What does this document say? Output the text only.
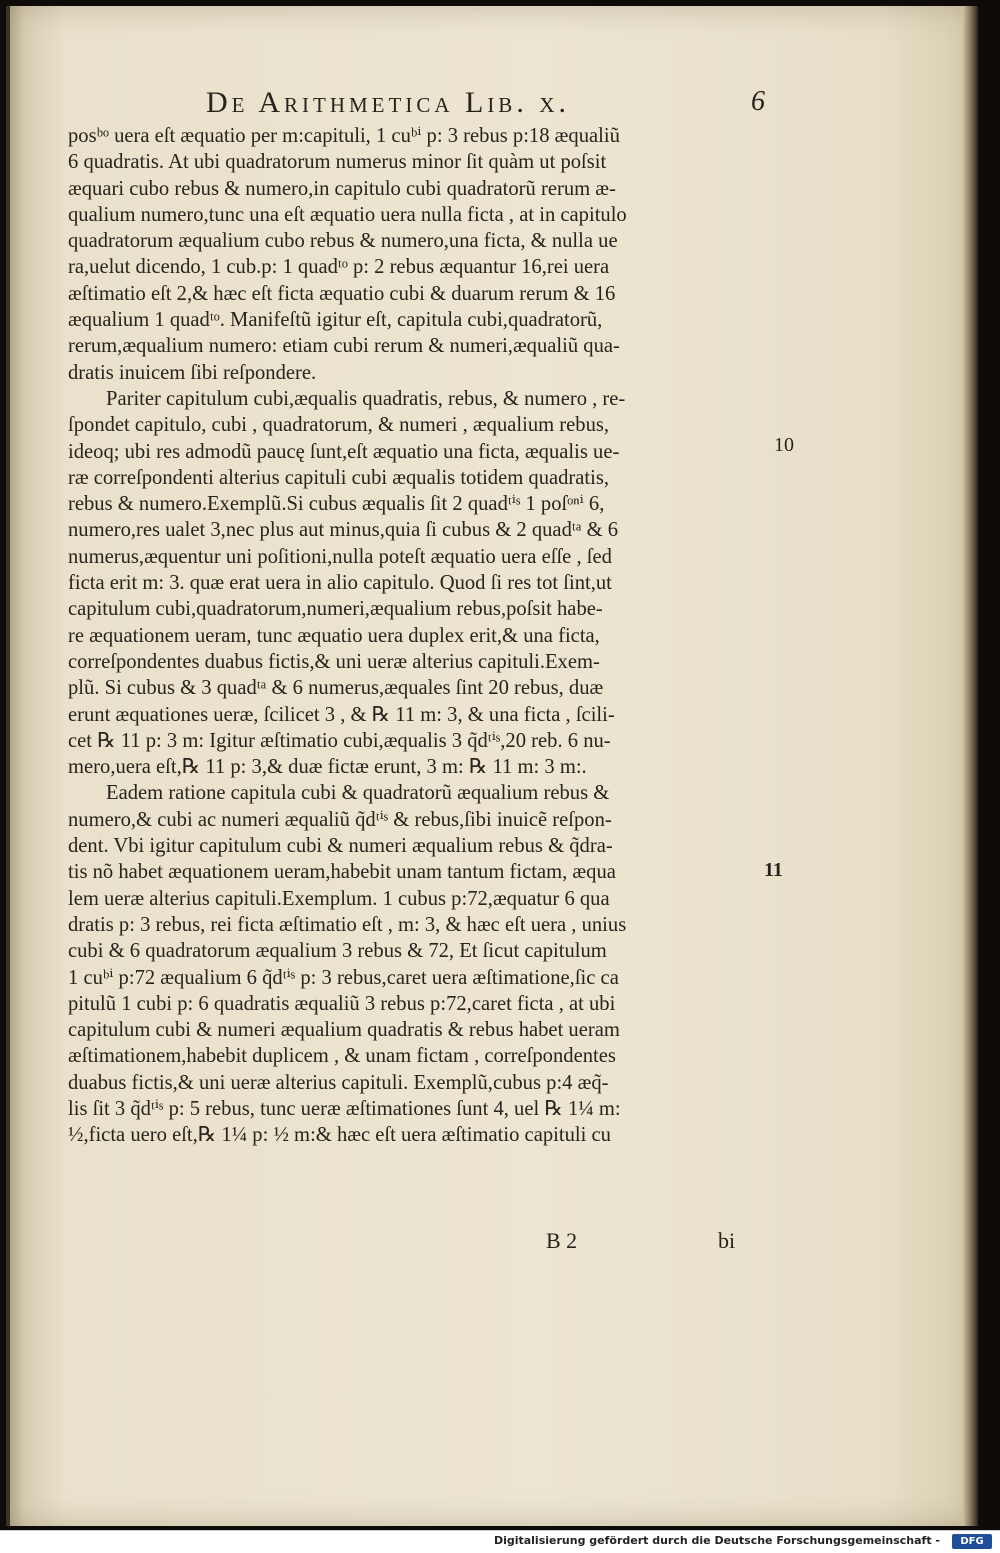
De Arithmetica Lib. x.	6
posᵇᵒ uera eſt æquatio per m:capituli, 1 cuᵇⁱ p: 3 rebus p:18 æqualiũ
6 quadratis. At ubi quadratorum numerus minor ſit quàm ut poſsit
æquari cubo rebus & numero,in capitulo cubi quadratorũ rerum æ-
qualium numero,tunc una eſt æquatio uera nulla ficta , at in capitulo
quadratorum æqualium cubo rebus & numero,una ficta, & nulla ue
ra,uelut dicendo, 1 cub.p: 1 quadᵗᵒ p: 2 rebus æquantur 16,rei uera
æſtimatio eſt 2,& hæc eſt ficta æquatio cubi & duarum rerum & 16
æqualium 1 quadᵗᵒ. Manifeſtũ igitur eſt, capitula cubi,quadratorũ,
rerum,æqualium numero: etiam cubi rerum & numeri,æqualiũ qua-
dratis inuicem ſibi reſpondere.
Pariter capitulum cubi,æqualis quadratis, rebus, & numero , re-
ſpondet capitulo, cubi , quadratorum, & numeri , æqualium rebus,
ideoq; ubi res admodũ paucę ſunt,eſt æquatio una ficta, æqualis ue-
ræ correſpondenti alterius capituli cubi æqualis totidem quadratis,
rebus & numero.Exemplũ.Si cubus æqualis ſit 2 quadᵗⁱˢ 1 poſᵒⁿⁱ 6,
numero,res ualet 3,nec plus aut minus,quia ſi cubus & 2 quadᵗᵃ & 6
numerus,æquentur uni poſitioni,nulla poteſt æquatio uera eſſe , ſed
ficta erit m: 3. quæ erat uera in alio capitulo. Quod ſi res tot ſint,ut
capitulum cubi,quadratorum,numeri,æqualium rebus,poſsit habe-
re æquationem ueram, tunc æquatio uera duplex erit,& una ficta,
correſpondentes duabus fictis,& uni ueræ alterius capituli.Exem-
plũ. Si cubus & 3 quadᵗᵃ & 6 numerus,æquales ſint 20 rebus, duæ
erunt æquationes ueræ, ſcilicet 3 , & ℞ 11 m: 3, & una ficta , ſcili-
cet ℞ 11 p: 3 m: Igitur æſtimatio cubi,æqualis 3 q̃dᵗⁱˢ,20 reb. 6 nu-
mero,uera eſt,℞ 11 p: 3,& duæ fictæ erunt, 3 m: ℞ 11 m: 3 m:.
Eadem ratione capitula cubi & quadratorũ æqualium rebus &
numero,& cubi ac numeri æqualiũ q̃dᵗⁱˢ & rebus,ſibi inuicẽ reſpon-
dent. Vbi igitur capitulum cubi & numeri æqualium rebus & q̃dra-
tis nõ habet æquationem ueram,habebit unam tantum fictam, æqua
lem ueræ alterius capituli.Exemplum. 1 cubus p:72,æquatur 6 qua
dratis p: 3 rebus, rei ficta æſtimatio eſt , m: 3, & hæc eſt uera , unius
cubi & 6 quadratorum æqualium 3 rebus & 72, Et ſicut capitulum
1 cuᵇⁱ p:72 æqualium 6 q̃dᵗⁱˢ p: 3 rebus,caret uera æſtimatione,ſic ca
pitulũ 1 cubi p: 6 quadratis æqualiũ 3 rebus p:72,caret ficta , at ubi
capitulum cubi & numeri æqualium quadratis & rebus habet ueram
æſtimationem,habebit duplicem , & unam fictam , correſpondentes
duabus fictis,& uni ueræ alterius capituli. Exemplũ,cubus p:4 æq̃-
lis ſit 3 q̃dᵗⁱˢ p: 5 rebus, tunc ueræ æſtimationes ſunt 4, uel ℞ 1¼ m:
½,ficta uero eſt,℞ 1¼ p: ½ m:& hæc eſt uera æſtimatio capituli cu
10
11
B 2	bi
Digitalisierung gefördert durch die Deutsche Forschungsgemeinschaft -	DFG
